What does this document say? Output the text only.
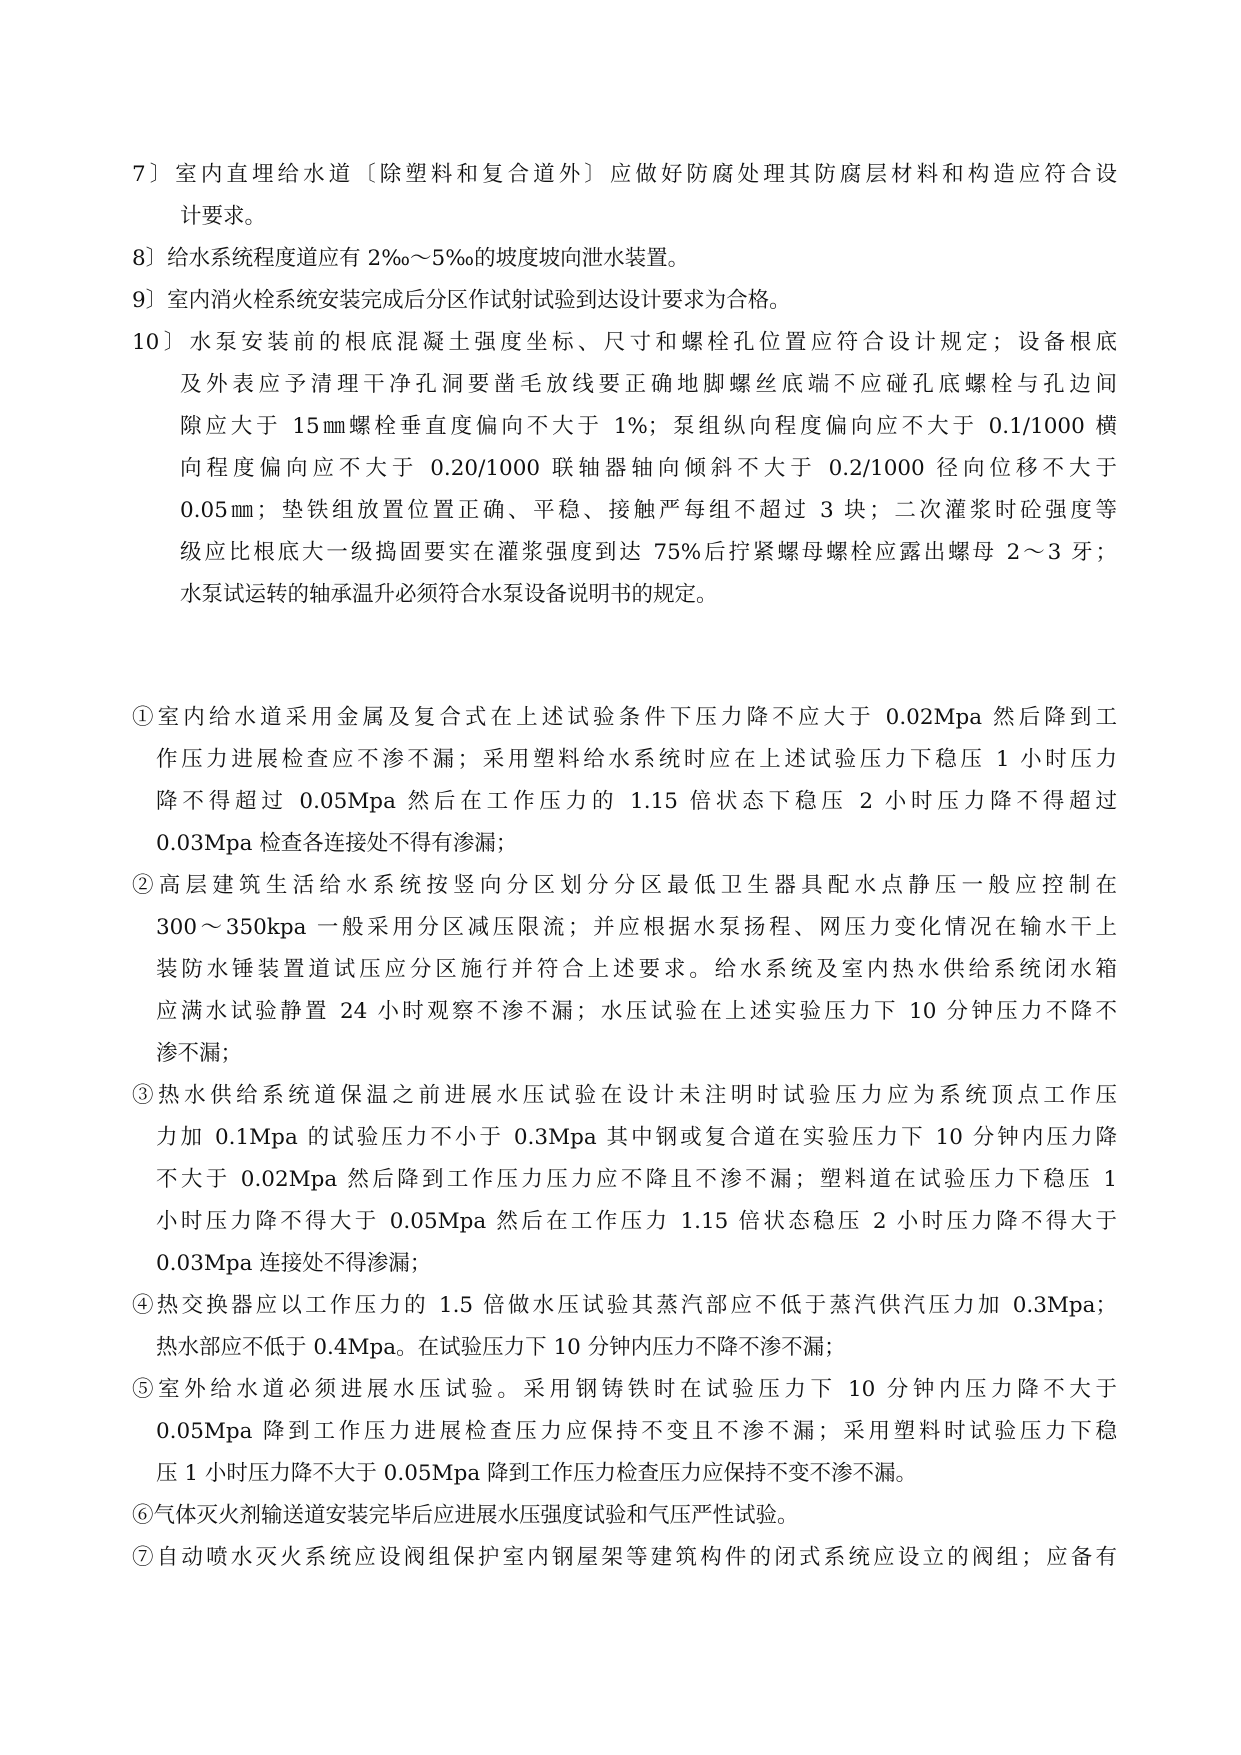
7〕室内直埋给水道〔除塑料和复合道外〕应做好防腐处理其防腐层材料和构造应符合设
计要求。
8〕给水系统程度道应有 2‰～5‰的坡度坡向泄水装置。
9〕室内消火栓系统安装完成后分区作试射试验到达设计要求为合格。
10〕水泵安装前的根底混凝土强度坐标、尺寸和螺栓孔位置应符合设计规定；设备根底
及外表应予清理干净孔洞要凿毛放线要正确地脚螺丝底端不应碰孔底螺栓与孔边间
隙应大于 15㎜螺栓垂直度偏向不大于 1%；泵组纵向程度偏向应不大于 0.1/1000 横
向程度偏向应不大于 0.20/1000 联轴器轴向倾斜不大于 0.2/1000 径向位移不大于
0.05㎜；垫铁组放置位置正确、平稳、接触严每组不超过 3 块；二次灌浆时砼强度等
级应比根底大一级捣固要实在灌浆强度到达 75%后拧紧螺母螺栓应露出螺母 2～3 牙；
水泵试运转的轴承温升必须符合水泵设备说明书的规定。
①室内给水道采用金属及复合式在上述试验条件下压力降不应大于 0.02Mpa 然后降到工
作压力进展检查应不渗不漏；采用塑料给水系统时应在上述试验压力下稳压 1 小时压力
降不得超过 0.05Mpa 然后在工作压力的 1.15 倍状态下稳压 2 小时压力降不得超过
0.03Mpa 检查各连接处不得有渗漏；
②高层建筑生活给水系统按竖向分区划分分区最低卫生器具配水点静压一般应控制在
300～350kpa 一般采用分区减压限流；并应根据水泵扬程、网压力变化情况在输水干上
装防水锤装置道试压应分区施行并符合上述要求。给水系统及室内热水供给系统闭水箱
应满水试验静置 24 小时观察不渗不漏；水压试验在上述实验压力下 10 分钟压力不降不
渗不漏；
③热水供给系统道保温之前进展水压试验在设计未注明时试验压力应为系统顶点工作压
力加 0.1Mpa 的试验压力不小于 0.3Mpa 其中钢或复合道在实验压力下 10 分钟内压力降
不大于 0.02Mpa 然后降到工作压力压力应不降且不渗不漏；塑料道在试验压力下稳压 1
小时压力降不得大于 0.05Mpa 然后在工作压力 1.15 倍状态稳压 2 小时压力降不得大于
0.03Mpa 连接处不得渗漏；
④热交换器应以工作压力的 1.5 倍做水压试验其蒸汽部应不低于蒸汽供汽压力加 0.3Mpa；
热水部应不低于 0.4Mpa。在试验压力下 10 分钟内压力不降不渗不漏；
⑤室外给水道必须进展水压试验。采用钢铸铁时在试验压力下 10 分钟内压力降不大于
0.05Mpa 降到工作压力进展检查压力应保持不变且不渗不漏；采用塑料时试验压力下稳
压 1 小时压力降不大于 0.05Mpa 降到工作压力检查压力应保持不变不渗不漏。
⑥气体灭火剂输送道安装完毕后应进展水压强度试验和气压严性试验。
⑦自动喷水灭火系统应设阀组保护室内钢屋架等建筑构件的闭式系统应设立的阀组；应备有
